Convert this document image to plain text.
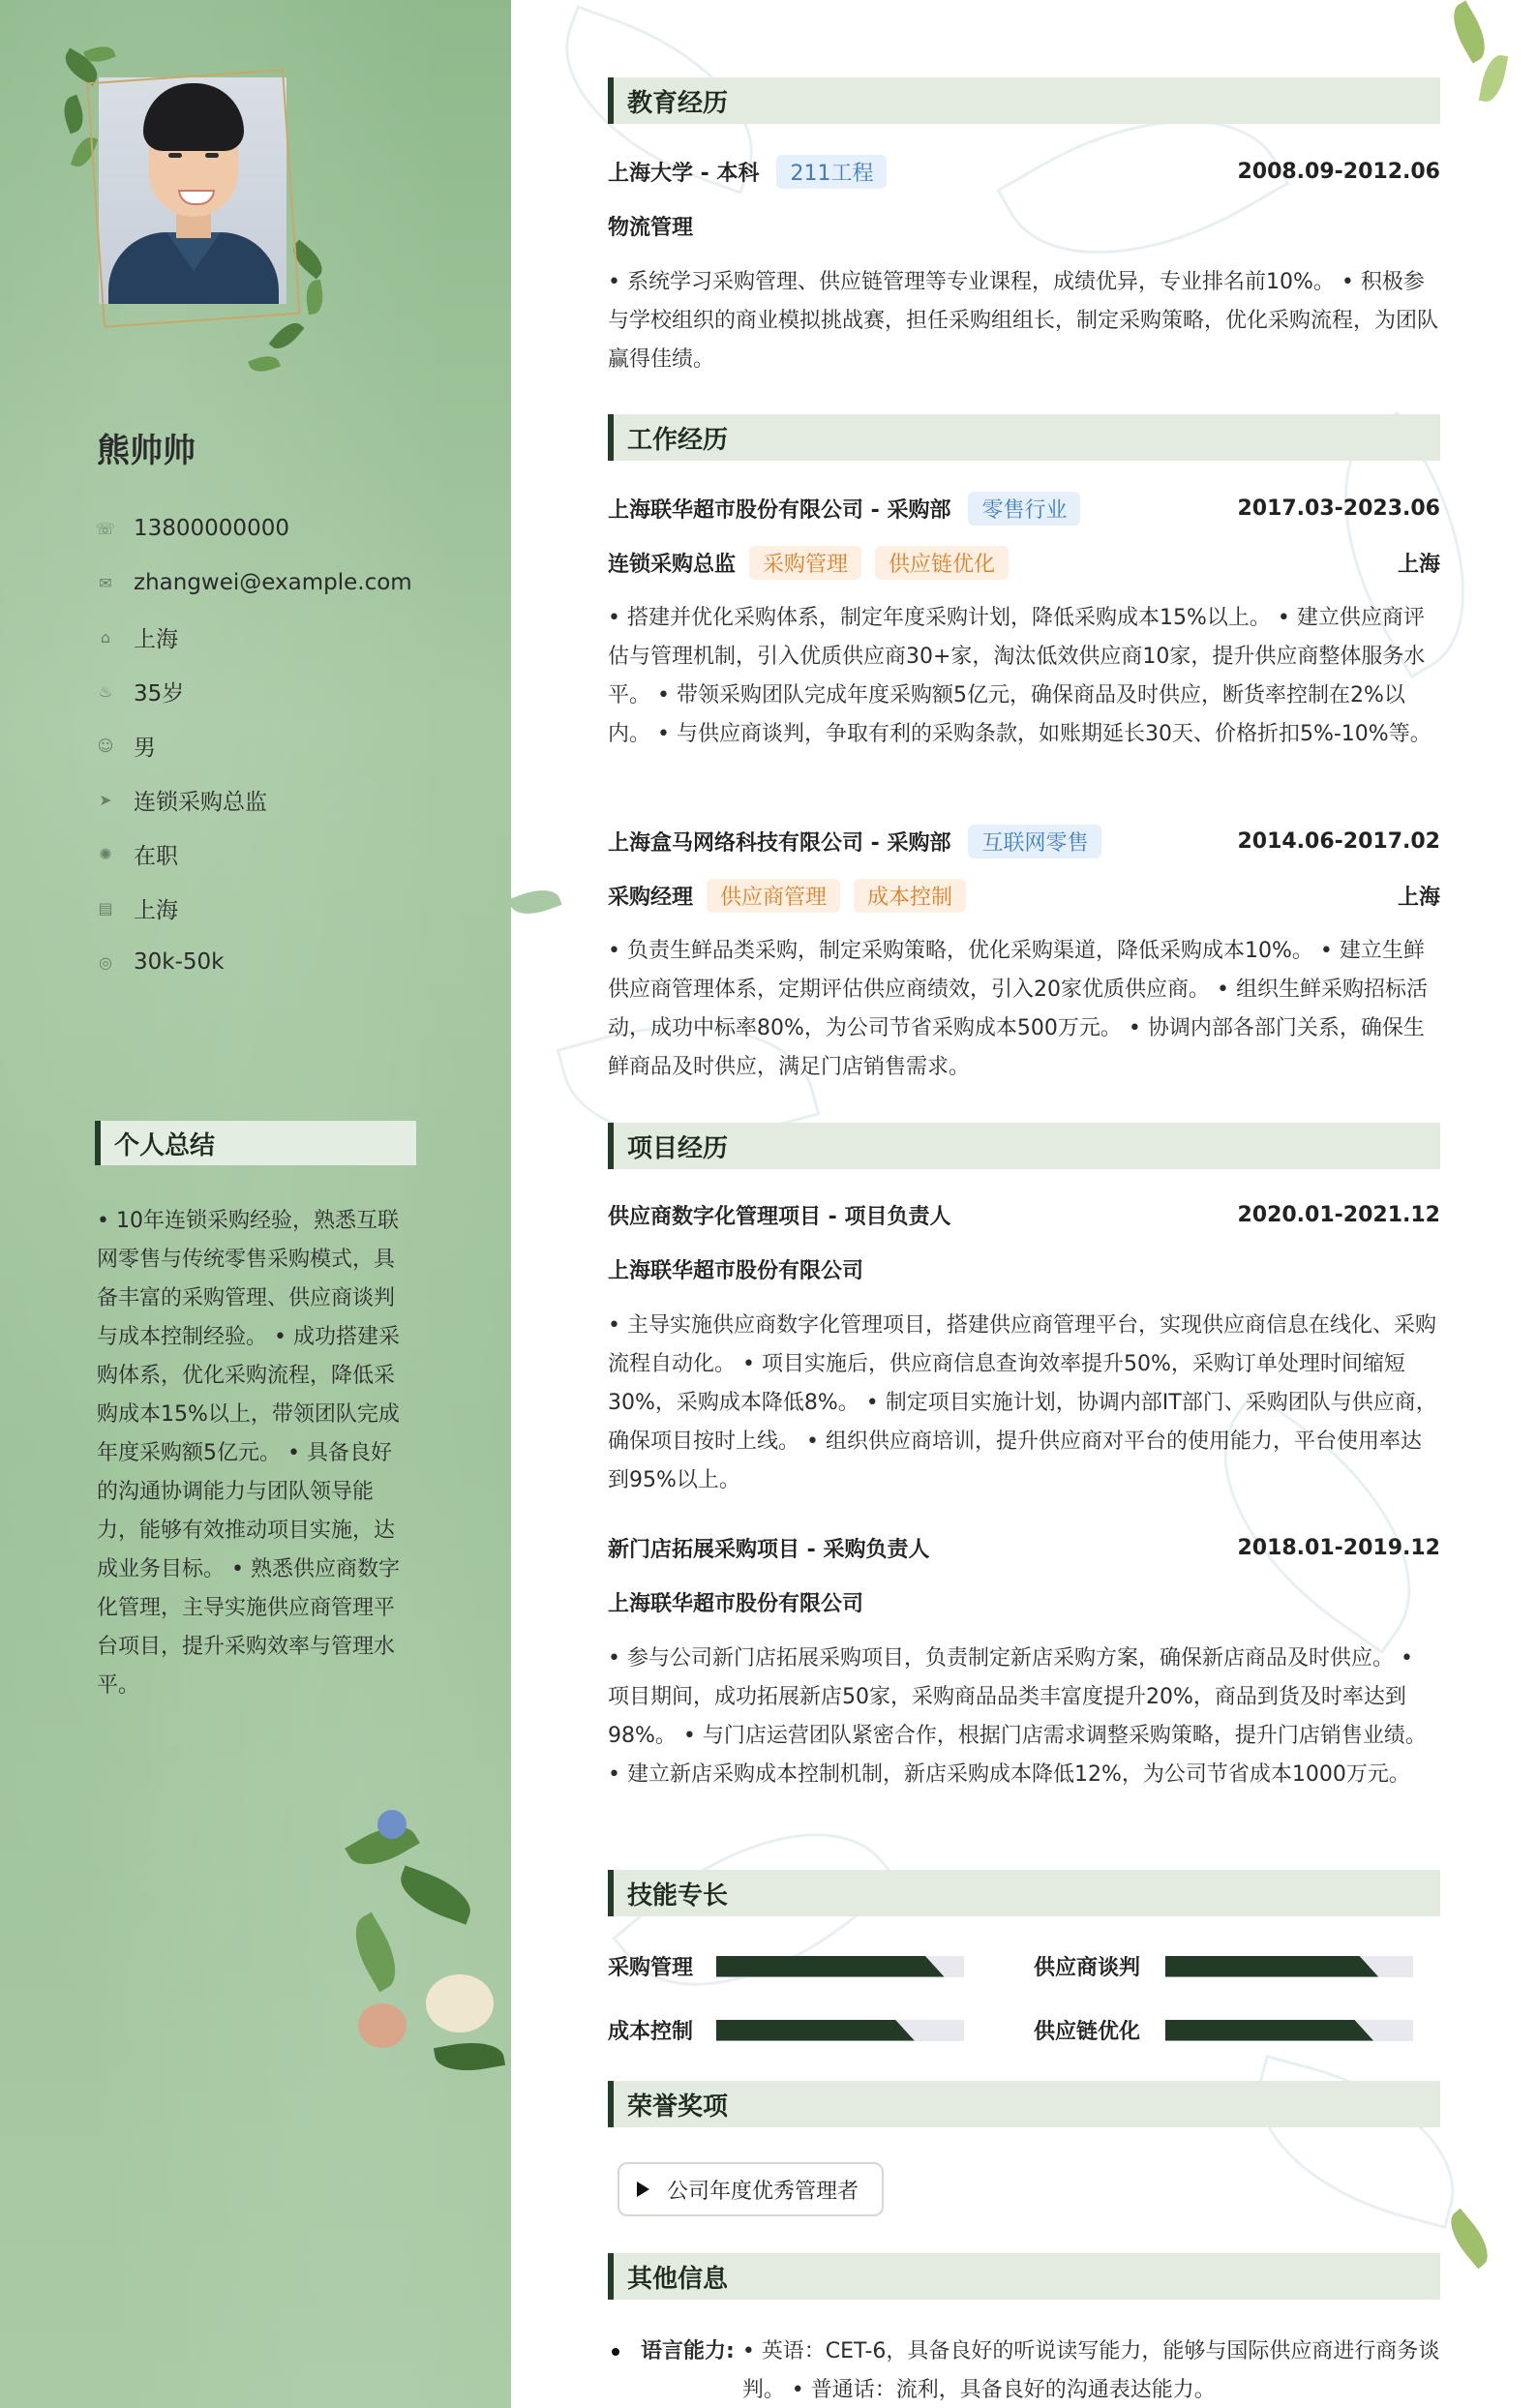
熊帅帅
☏ 13800000000
✉ zhangwei@example.com
⌂ 上海
♨ 35岁
☺ 男
➤ 连锁采购总监
✺ 在职
▤ 上海
◎ 30k-50k
个人总结
• 10年连锁采购经验，熟悉互联网零售与传统零售采购模式，具备丰富的采购管理、供应商谈判与成本控制经验。 • 成功搭建采购体系，优化采购流程，降低采购成本15%以上，带领团队完成年度采购额5亿元。 • 具备良好的沟通协调能力与团队领导能力，能够有效推动项目实施，达成业务目标。 • 熟悉供应商数字化管理，主导实施供应商管理平台项目，提升采购效率与管理水平。
教育经历
上海大学 - 本科	211工程	2008.09-2012.06
物流管理
• 系统学习采购管理、供应链管理等专业课程，成绩优异，专业排名前10%。 • 积极参与学校组织的商业模拟挑战赛，担任采购组组长，制定采购策略，优化采购流程，为团队赢得佳绩。
工作经历
上海联华超市股份有限公司 - 采购部	零售行业	2017.03-2023.06
连锁采购总监	采购管理	供应链优化	上海
• 搭建并优化采购体系，制定年度采购计划，降低采购成本15%以上。 • 建立供应商评估与管理机制，引入优质供应商30+家，淘汰低效供应商10家，提升供应商整体服务水平。 • 带领采购团队完成年度采购额5亿元，确保商品及时供应，断货率控制在2%以内。 • 与供应商谈判，争取有利的采购条款，如账期延长30天、价格折扣5%-10%等。
上海盒马网络科技有限公司 - 采购部	互联网零售	2014.06-2017.02
采购经理	供应商管理	成本控制	上海
• 负责生鲜品类采购，制定采购策略，优化采购渠道，降低采购成本10%。 • 建立生鲜供应商管理体系，定期评估供应商绩效，引入20家优质供应商。 • 组织生鲜采购招标活动，成功中标率80%，为公司节省采购成本500万元。 • 协调内部各部门关系，确保生鲜商品及时供应，满足门店销售需求。
项目经历
供应商数字化管理项目 - 项目负责人	2020.01-2021.12
上海联华超市股份有限公司
• 主导实施供应商数字化管理项目，搭建供应商管理平台，实现供应商信息在线化、采购流程自动化。 • 项目实施后，供应商信息查询效率提升50%，采购订单处理时间缩短30%，采购成本降低8%。 • 制定项目实施计划，协调内部IT部门、采购团队与供应商，确保项目按时上线。 • 组织供应商培训，提升供应商对平台的使用能力，平台使用率达到95%以上。
新门店拓展采购项目 - 采购负责人	2018.01-2019.12
上海联华超市股份有限公司
• 参与公司新门店拓展采购项目，负责制定新店采购方案，确保新店商品及时供应。 • 项目期间，成功拓展新店50家，采购商品品类丰富度提升20%，商品到货及时率达到98%。 • 与门店运营团队紧密合作，根据门店需求调整采购策略，提升门店销售业绩。 • 建立新店采购成本控制机制，新店采购成本降低12%，为公司节省成本1000万元。
技能专长
采购管理	供应商谈判
成本控制	供应链优化
荣誉奖项
公司年度优秀管理者
其他信息
语言能力: • 英语：CET-6，具备良好的听说读写能力，能够与国际供应商进行商务谈判。 • 普通话：流利，具备良好的沟通表达能力。
